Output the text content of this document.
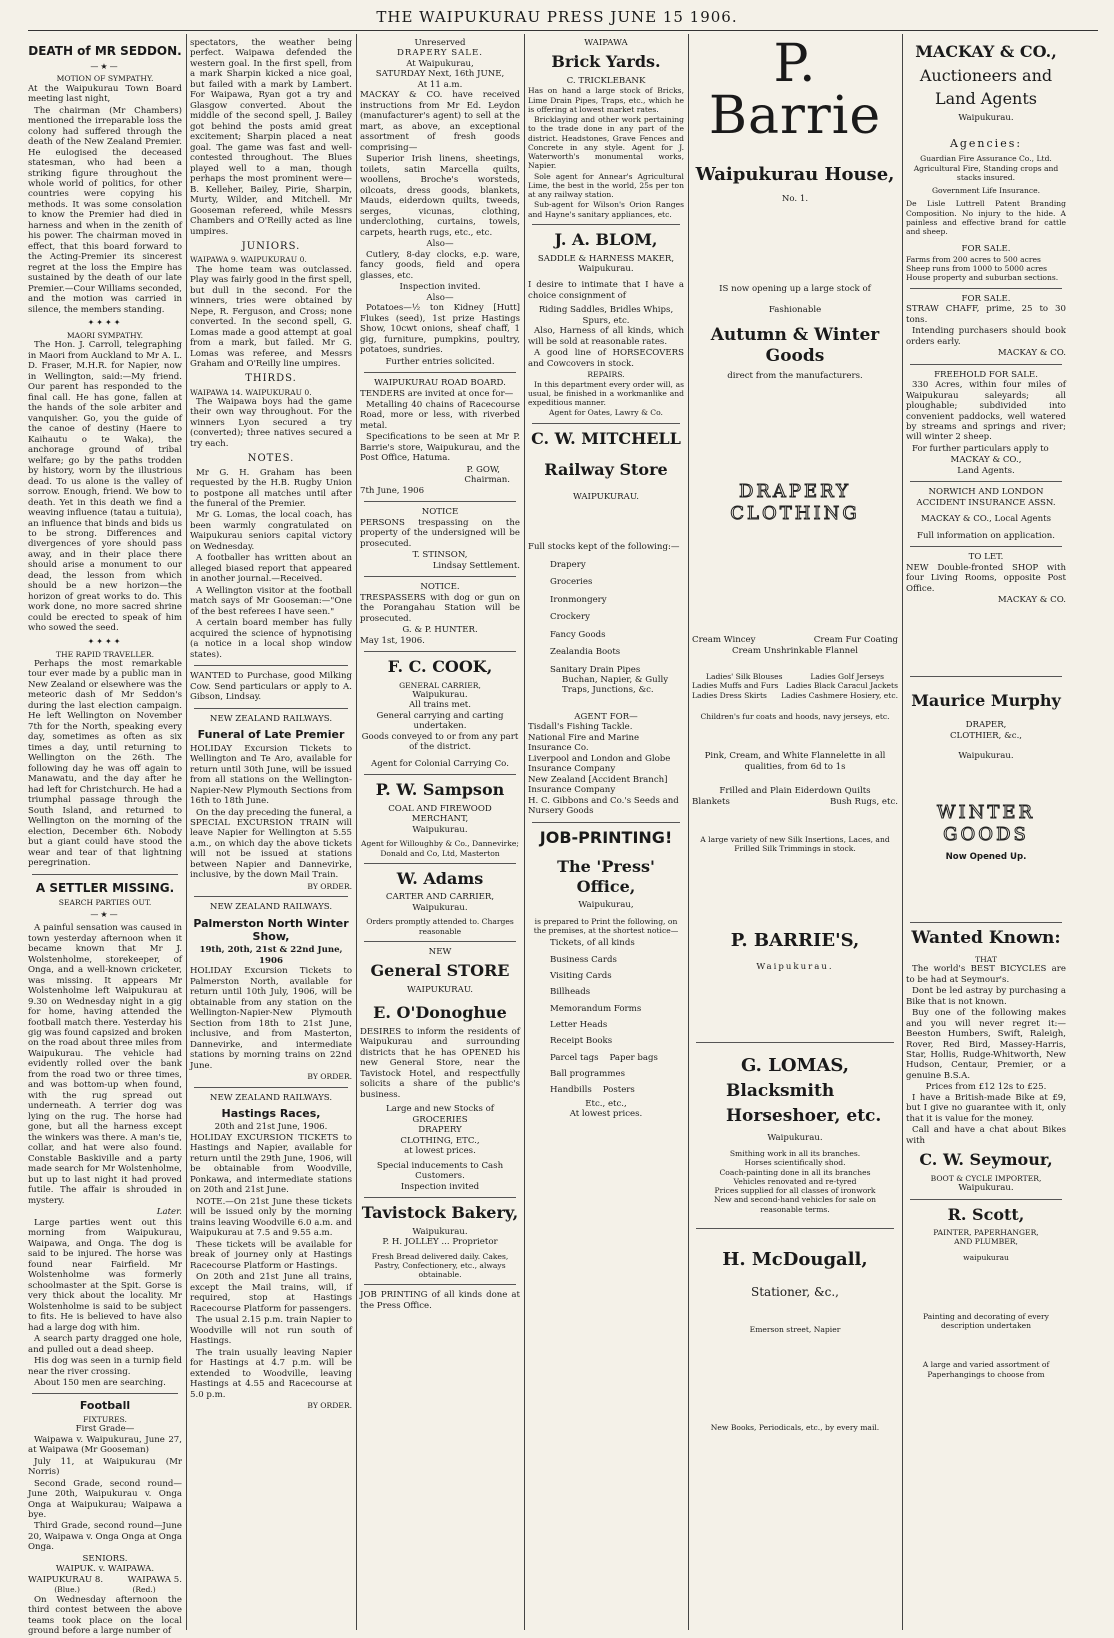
THE WAIPUKURAU PRESS JUNE 15 1906.
DEATH of MR SEDDON.
—★—
MOTION OF SYMPATHY.

At the Waipukurau Town Board meeting last night,

The chairman (Mr Chambers) mentioned the irreparable loss the colony had suffered through the death of the New Zealand Premier. He eulogised the deceased statesman, who had been a striking figure throughout the whole world of politics, for other countries were copying his methods. It was some consolation to know the Premier had died in harness and when in the zenith of his power. The chairman moved in effect, that this board forward to the Acting-Premier its sincerest regret at the loss the Empire has sustained by the death of our late Premier.—Cour Williams seconded, and the motion was carried in silence, the members standing.

✦✦✦✦
MAORI SYMPATHY.

The Hon. J. Carroll, telegraphing in Maori from Auckland to Mr A. L. D. Fraser, M.H.R. for Napier, now in Wellington, said:—My friend. Our parent has responded to the final call. He has gone, fallen at the hands of the sole arbiter and vanquisher. Go, you the guide of the canoe of destiny (Haere to Kaihautu o te Waka), the anchorage ground of tribal welfare; go by the paths trodden by history, worn by the illustrious dead. To us alone is the valley of sorrow. Enough, friend. We bow to death. Yet in this death we find a weaving influence (tatau a tuituia), an influence that binds and bids us to be strong. Differences and divergences of yore should pass away, and in their place there should arise a monument to our dead, the lesson from which should be a new horizon—the horizon of great works to do. This work done, no more sacred shrine could be erected to speak of him who sowed the seed.

✦✦✦✦
THE RAPID TRAVELLER.

Perhaps the most remarkable tour ever made by a public man in New Zealand or elsewhere was the meteoric dash of Mr Seddon's during the last election campaign. He left Wellington on November 7th for the North, speaking every day, sometimes as often as six times a day, until returning to Wellington on the 26th. The following day he was off again to Manawatu, and the day after he had left for Christchurch. He had a triumphal passage through the South Island, and returned to Wellington on the morning of the election, December 6th. Nobody but a giant could have stood the wear and tear of that lightning peregrination.

A SETTLER MISSING.
SEARCH PARTIES OUT.
—★—

A painful sensation was caused in town yesterday afternoon when it became known that Mr J. Wolstenholme, storekeeper, of Onga, and a well-known cricketer, was missing. It appears Mr Wolstenholme left Waipukurau at 9.30 on Wednesday night in a gig for home, having attended the football match there. Yesterday his gig was found capsized and broken on the road about three miles from Waipukurau. The vehicle had evidently rolled over the bank from the road two or three times, and was bottom-up when found, with the rug spread out underneath. A terrier dog was lying on the rug. The horse had gone, but all the harness except the winkers was there. A man's tie, collar, and hat were also found. Constable Baskiville and a party made search for Mr Wolstenholme, but up to last night it had proved futile. The affair is shrouded in mystery.

Later.

Large parties went out this morning from Waipukurau, Waipawa, and Onga. The dog is said to be injured. The horse was found near Fairfield. Mr Wolstenholme was formerly schoolmaster at the Spit. Gorse is very thick about the locality. Mr Wolstenholme is said to be subject to fits. He is believed to have also had a large dog with him.

A search party dragged one hole, and pulled out a dead sheep.

His dog was seen in a turnip field near the river crossing.

About 150 men are searching.

Football
FIXTURES.
First Grade—

Waipawa v. Waipukurau, June 27, at Waipawa (Mr Gooseman)

July 11, at Waipukurau (Mr Norris)

Second Grade, second round—June 20th, Waipukurau v. Onga Onga at Waipukurau; Waipawa a bye.

Third Grade, second round—June 20, Waipawa v. Onga Onga at Onga Onga.

SENIORS.
WAIPUK. v. WAIPAWA.
WAIPUKURAU 8.	WAIPAWA 5.
(Blue.)	(Red.)

On Wednesday afternoon the third contest between the above teams took place on the local ground before a large number of

spectators, the weather being perfect. Waipawa defended the western goal. In the first spell, from a mark Sharpin kicked a nice goal, but failed with a mark by Lambert. For Waipawa, Ryan got a try and Glasgow converted. About the middle of the second spell, J. Bailey got behind the posts amid great excitement; Sharpin placed a neat goal. The game was fast and well-contested throughout. The Blues played well to a man, though perhaps the most prominent were—B. Kelleher, Bailey, Pirie, Sharpin, Murty, Wilder, and Mitchell. Mr Gooseman refereed, while Messrs Chambers and O'Reilly acted as line umpires.

JUNIORS.
WAIPAWA 9. WAIPUKURAU 0.

The home team was outclassed. Play was fairly good in the first spell, but dull in the second. For the winners, tries were obtained by Nepe, R. Ferguson, and Cross; none converted. In the second spell, G. Lomas made a good attempt at goal from a mark, but failed. Mr G. Lomas was referee, and Messrs Graham and O'Reilly line umpires.

THIRDS.
WAIPAWA 14. WAIPUKURAU 0.

The Waipawa boys had the game their own way throughout. For the winners Lyon secured a try (converted); three natives secured a try each.

NOTES.

Mr G. H. Graham has been requested by the H.B. Rugby Union to postpone all matches until after the funeral of the Premier.

Mr G. Lomas, the local coach, has been warmly congratulated on Waipukurau seniors capital victory on Wednesday.

A footballer has written about an alleged biased report that appeared in another journal.—Received.

A Wellington visitor at the football match says of Mr Gooseman:—"One of the best referees I have seen."

A certain board member has fully acquired the science of hypnotising (a notice in a local shop window states).

WANTED to Purchase, good Milking Cow. Send particulars or apply to A. Gibson, Lindsay.

NEW ZEALAND RAILWAYS.
Funeral of Late Premier

HOLIDAY Excursion Tickets to Wellington and Te Aro, available for return until 30th June, will be issued from all stations on the Wellington-Napier-New Plymouth Sections from 16th to 18th June.

On the day preceding the funeral, a SPECIAL EXCURSION TRAIN will leave Napier for Wellington at 5.55 a.m., on which day the above tickets will not be issued at stations between Napier and Dannevirke, inclusive, by the down Mail Train.

BY ORDER.
NEW ZEALAND RAILWAYS.
Palmerston North Winter Show,
19th, 20th, 21st & 22nd June, 1906

HOLIDAY Excursion Tickets to Palmerston North, available for return until 10th July, 1906, will be obtainable from any station on the Wellington-Napier-New Plymouth Section from 18th to 21st June, inclusive, and from Masterton, Dannevirke, and intermediate stations by morning trains on 22nd June.

BY ORDER.
NEW ZEALAND RAILWAYS.
Hastings Races,
20th and 21st June, 1906.

HOLIDAY EXCURSION TICKETS to Hastings and Napier, available for return until the 29th June, 1906, will be obtainable from Woodville, Ponkawa, and intermediate stations on 20th and 21st June.

NOTE.—On 21st June these tickets will be issued only by the morning trains leaving Woodville 6.0 a.m. and Waipukurau at 7.5 and 9.55 a.m.

These tickets will be available for break of journey only at Hastings Racecourse Platform or Hastings.

On 20th and 21st June all trains, except the Mail trains, will, if required, stop at Hastings Racecourse Platform for passengers.

The usual 2.15 p.m. train Napier to Woodville will not run south of Hastings.

The train usually leaving Napier for Hastings at 4.7 p.m. will be extended to Woodville, leaving Hastings at 4.55 and Racecourse at 5.0 p.m.

BY ORDER.
Unreserved
DRAPERY SALE.
At Waipukurau,
SATURDAY Next, 16th JUNE,
At 11 a.m.

MACKAY & CO. have received instructions from Mr Ed. Leydon (manufacturer's agent) to sell at the mart, as above, an exceptional assortment of fresh goods comprising—

Superior Irish linens, sheetings, toilets, satin Marcella quilts, woollens, Broche's worsteds, oilcoats, dress goods, blankets, Mauds, eiderdown quilts, tweeds, serges, vicunas, clothing, underclothing, curtains, towels, carpets, hearth rugs, etc., etc.

Also—

Cutlery, 8-day clocks, e.p. ware, fancy goods, field and opera glasses, etc.

Inspection invited.
Also—

Potatoes—½ ton Kidney [Hutt] Flukes (seed), 1st prize Hastings Show, 10cwt onions, sheaf chaff, 1 gig, furniture, pumpkins, poultry, potatoes, sundries.

Further entries solicited.
WAIPUKURAU ROAD BOARD.

TENDERS are invited at once for—

Metalling 40 chains of Racecourse Road, more or less, with riverbed metal.

Specifications to be seen at Mr P. Barrie's store, Waipukurau, and the Post Office, Hatuma.

P. GOW,
Chairman.
7th June, 1906
NOTICE

PERSONS trespassing on the property of the undersigned will be prosecuted.

T. STINSON,
Lindsay Settlement.
NOTICE.

TRESPASSERS with dog or gun on the Porangahau Station will be prosecuted.

G. & P. HUNTER.
May 1st, 1906.
F. C. COOK,
GENERAL CARRIER,
Waipukurau.
All trains met.
General carrying and carting undertaken.
Goods conveyed to or from any part of the district.
Agent for Colonial Carrying Co.
P. W. Sampson
COAL AND FIREWOOD MERCHANT,
Waipukurau.
Agent for Willoughby & Co., Dannevirke; Donald and Co, Ltd, Masterton
W. Adams
CARTER AND CARRIER,
Waipukurau.
Orders promptly attended to. Charges reasonable
NEW
General STORE
WAIPUKURAU.
E. O'Donoghue

DESIRES to inform the residents of Waipukurau and surrounding districts that he has OPENED his new General Store, near the Tavistock Hotel, and respectfully solicits a share of the public's business.

Large and new Stocks of
GROCERIES
DRAPERY
CLOTHING, ETC.,
at lowest prices.
Special inducements to Cash Customers.
Inspection invited
Tavistock Bakery,
Waipukurau.
P. H. JOLLEY ... Proprietor
Fresh Bread delivered daily. Cakes, Pastry, Confectionery, etc., always obtainable.

JOB PRINTING of all kinds done at the Press Office.

WAIPAWA
Brick Yards.
C. TRICKLEBANK

Has on hand a large stock of Bricks, Lime Drain Pipes, Traps, etc., which he is offering at lowest market rates.

Bricklaying and other work pertaining to the trade done in any part of the district. Headstones, Grave Fences and Concrete in any style. Agent for J. Waterworth's monumental works, Napier.

Sole agent for Annear's Agricultural Lime, the best in the world, 25s per ton at any railway station.

Sub-agent for Wilson's Orion Ranges and Hayne's sanitary appliances, etc.

J. A. BLOM,
SADDLE & HARNESS MAKER,
Waipukurau.

I desire to intimate that I have a choice consignment of

Riding Saddles, Bridles Whips, Spurs, etc.

Also, Harness of all kinds, which will be sold at reasonable rates.

A good line of HORSECOVERS and Cowcovers in stock.

REPAIRS.

In this department every order will, as usual, be finished in a workmanlike and expeditious manner.

Agent for Oates, Lawry & Co.
C. W. MITCHELL
Railway Store
WAIPUKURAU.

Full stocks kept of the following:—

Drapery
Groceries
Ironmongery
Crockery
Fancy Goods
Zealandia Boots
Sanitary Drain Pipes
Buchan, Napier, & Gully Traps, Junctions, &c.
AGENT FOR—
Tisdall's Fishing Tackle.
National Fire and Marine Insurance Co.
Liverpool and London and Globe Insurance Company
New Zealand [Accident Branch] Insurance Company
H. C. Gibbons and Co.'s Seeds and Nursery Goods
JOB-PRINTING!
The 'Press' Office,
Waipukurau,
is prepared to Print the following, on the premises, at the shortest notice—
Tickets, of all kinds
Business Cards
Visiting Cards
Billheads
Memorandum Forms
Letter Heads
Receipt Books
Parcel tags Paper bags
Ball programmes
Handbills Posters
Etc., etc.,
At lowest prices.
P. Barrie
Waipukurau House,
No. 1.
IS now opening up a large stock of
Fashionable
Autumn & Winter Goods
direct from the manufacturers.
DRAPERY
CLOTHING
Cream Wincey	Cream Fur Coating
Cream Unshrinkable Flannel
Ladies' Silk Blouses	Ladies Golf Jerseys
Ladies Muffs and Furs Ladies Black Caracul Jackets
Ladies Dress Skirts Ladies Cashmere Hosiery, etc.
Children's fur coats and hoods, navy jerseys, etc.
Pink, Cream, and White Flannelette in all qualities, from 6d to 1s
Frilled and Plain Eiderdown Quilts
Blankets	Bush Rugs, etc.
A large variety of new Silk Insertions, Laces, and Frilled Silk Trimmings in stock.
P. BARRIE'S,
Waipukurau.
G. LOMAS,
Blacksmith
Horseshoer, etc.
Waipukurau.
Smithing work in all its branches.
Horses scientifically shod.
Coach-painting done in all its branches
Vehicles renovated and re-tyred
Prices supplied for all classes of ironwork
New and second-hand vehicles for sale on reasonable terms.
H. McDougall,
Stationer, &c.,
Emerson street, Napier
New Books, Periodicals, etc., by every mail.
MACKAY & CO.,
Auctioneers and
Land Agents
Waipukurau.
Agencies:
Guardian Fire Assurance Co., Ltd.
Agricultural Fire, Standing crops and stacks insured.
Government Life Insurance.

De Lisle Luttrell Patent Branding Composition. No injury to the hide. A painless and effective brand for cattle and sheep.

FOR SALE.
Farms from 200 acres to 500 acres
Sheep runs from 1000 to 5000 acres
House property and suburban sections.
FOR SALE.

STRAW CHAFF, prime, 25 to 30 tons.

Intending purchasers should book orders early.

MACKAY & CO.
FREEHOLD FOR SALE.

330 Acres, within four miles of Waipukurau saleyards; all ploughable; subdivided into convenient paddocks, well watered by streams and springs and river; will winter 2 sheep.

For further particulars apply to

MACKAY & CO.,
Land Agents.
NORWICH AND LONDON ACCIDENT INSURANCE ASSN.
MACKAY & CO., Local Agents
Full information on application.
TO LET.

NEW Double-fronted SHOP with four Living Rooms, opposite Post Office.

MACKAY & CO.
Maurice Murphy
DRAPER,
CLOTHIER, &c.,
Waipukurau.
WINTER
GOODS
Now Opened Up.
Wanted Known:
THAT

The world's BEST BICYCLES are to be had at Seymour's.

Dont be led astray by purchasing a Bike that is not known.

Buy one of the following makes and you will never regret it:—Beeston Humbers, Swift, Raleigh, Rover, Red Bird, Massey-Harris, Star, Hollis, Rudge-Whitworth, New Hudson, Centaur, Premier, or a genuine B.S.A.

Prices from £12 12s to £25.

I have a British-made Bike at £9, but I give no guarantee with it, only that it is value for the money.

Call and have a chat about Bikes with

C. W. Seymour,
BOOT & CYCLE IMPORTER,
Waipukurau.
R. Scott,
PAINTER, PAPERHANGER,
AND PLUMBER,
waipukurau
Painting and decorating of every description undertaken
A large and varied assortment of Paperhangings to choose from
